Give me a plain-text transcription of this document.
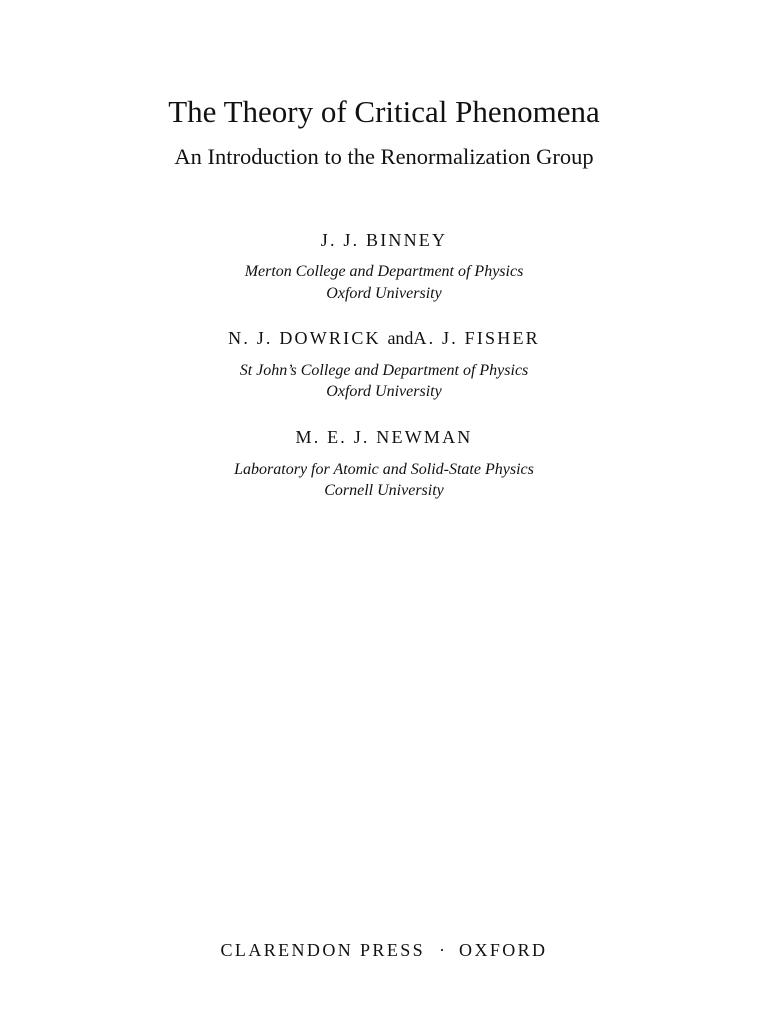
The Theory of Critical Phenomena
An Introduction to the Renormalization Group
J. J. BINNEY
Merton College and Department of Physics
Oxford University
N. J. DOWRICK andA. J. FISHER
St John’s College and Department of Physics
Oxford University
M. E. J. NEWMAN
Laboratory for Atomic and Solid-State Physics
Cornell University
CLARENDON PRESS · OXFORD
